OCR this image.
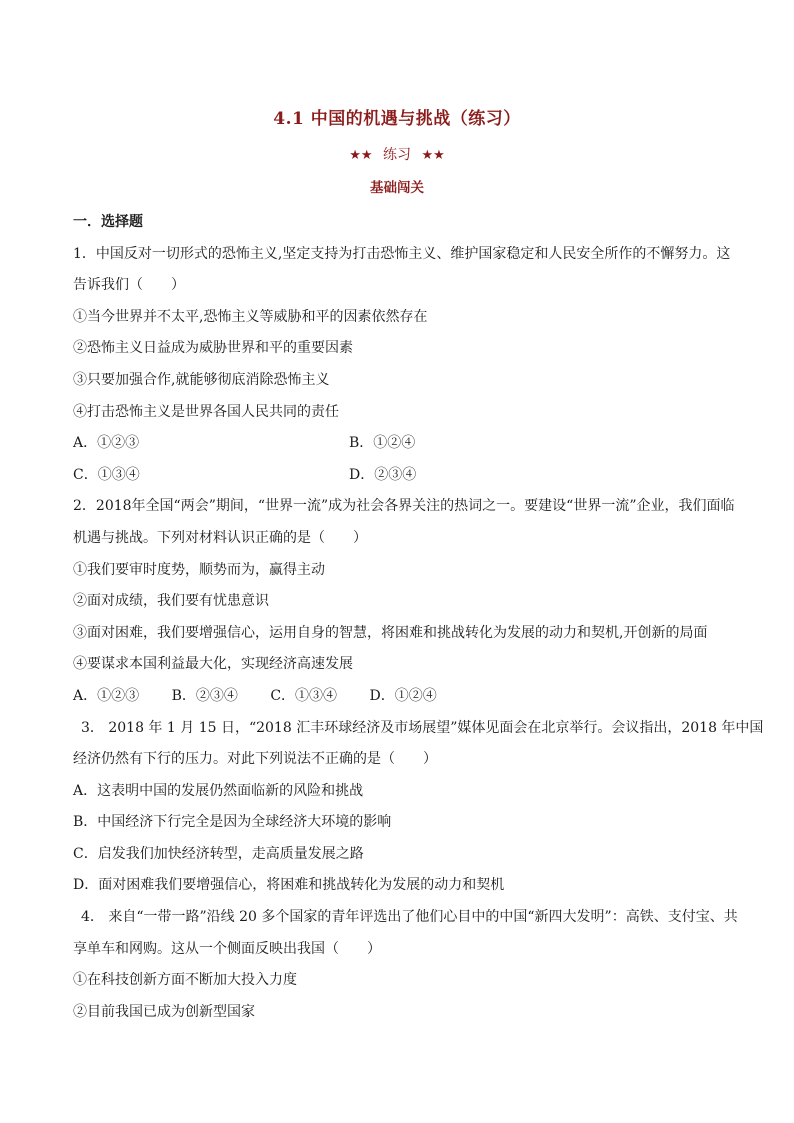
4.1 中国的机遇与挑战（练习）
★★ 练习 ★★
基础闯关

一．选择题

1．中国反对一切形式的恐怖主义,坚定支持为打击恐怖主义、维护国家稳定和人民安全所作的不懈努力。这

告诉我们（　　）

①当今世界并不太平,恐怖主义等威胁和平的因素依然存在

②恐怖主义日益成为威胁世界和平的重要因素

③只要加强合作,就能够彻底消除恐怖主义

④打击恐怖主义是世界各国人民共同的责任

A．①②③	B．①②④
C．①③④	D．②③④

2．2018年全国“两会”期间，“世界一流”成为社会各界关注的热词之一。要建设“世界一流”企业，我们面临

机遇与挑战。下列对材料认识正确的是（　　）

①我们要审时度势，顺势而为，赢得主动

②面对成绩，我们要有忧患意识

③面对困难，我们要增强信心，运用自身的智慧，将困难和挑战转化为发展的动力和契机,开创新的局面

④要谋求本国利益最大化，实现经济高速发展

A．①②③ B．②③④ C．①③④ D．①②④

3． 2018 年 1 月 15 日，“2018 汇丰环球经济及市场展望”媒体见面会在北京举行。会议指出，2018 年中国

经济仍然有下行的压力。对此下列说法不正确的是（　　）

A．这表明中国的发展仍然面临新的风险和挑战

B．中国经济下行完全是因为全球经济大环境的影响

C．启发我们加快经济转型，走高质量发展之路

D．面对困难我们要增强信心，将困难和挑战转化为发展的动力和契机

4． 来自“一带一路”沿线 20 多个国家的青年评选出了他们心目中的中国“新四大发明”：高铁、支付宝、共

享单车和网购。这从一个侧面反映出我国（　　）

①在科技创新方面不断加大投入力度

②目前我国已成为创新型国家
